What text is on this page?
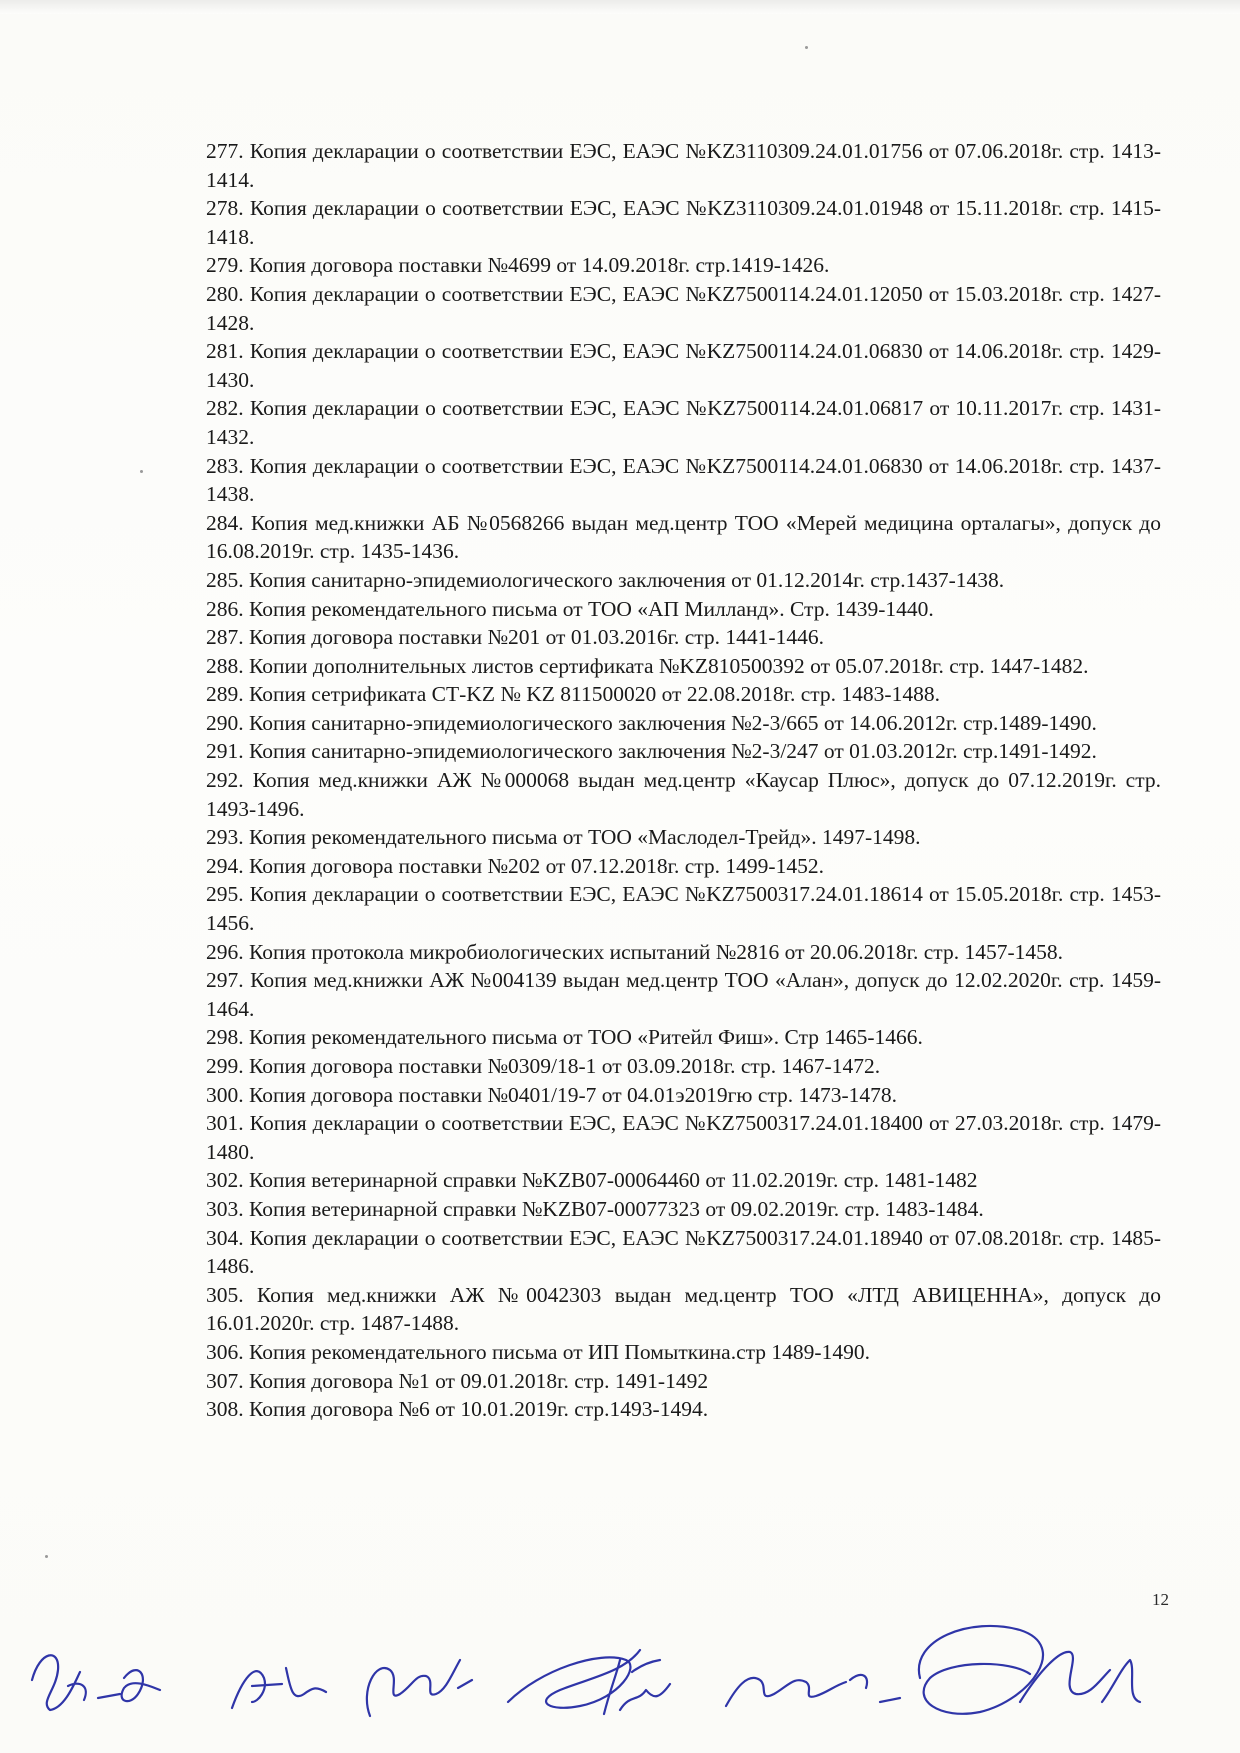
277. Копия декларации о соответствии ЕЭС, ЕАЭС №KZ3110309.24.01.01756 от 07.06.2018г. стр. 1413-1414.

278. Копия декларации о соответствии ЕЭС, ЕАЭС №KZ3110309.24.01.01948 от 15.11.2018г. стр. 1415-1418.

279. Копия договора поставки №4699 от 14.09.2018г. стр.1419-1426.

280. Копия декларации о соответствии ЕЭС, ЕАЭС №KZ7500114.24.01.12050 от 15.03.2018г. стр. 1427-1428.

281. Копия декларации о соответствии ЕЭС, ЕАЭС №KZ7500114.24.01.06830 от 14.06.2018г. стр. 1429-1430.

282. Копия декларации о соответствии ЕЭС, ЕАЭС №KZ7500114.24.01.06817 от 10.11.2017г. стр. 1431-1432.

283. Копия декларации о соответствии ЕЭС, ЕАЭС №KZ7500114.24.01.06830 от 14.06.2018г. стр. 1437-1438.

284. Копия мед.книжки АБ №0568266 выдан мед.центр ТОО «Мерей медицина орталагы», допуск до 16.08.2019г. стр. 1435-1436.

285. Копия санитарно-эпидемиологического заключения от 01.12.2014г. стр.1437-1438.

286. Копия рекомендательного письма от ТОО «АП Милланд». Стр. 1439-1440.

287. Копия договора поставки №201 от 01.03.2016г. стр. 1441-1446.

288. Копии дополнительных листов сертификата №KZ810500392 от 05.07.2018г. стр. 1447-1482.

289. Копия сетрификата СТ-KZ № KZ 811500020 от 22.08.2018г. стр. 1483-1488.

290. Копия санитарно-эпидемиологического заключения №2-3/665 от 14.06.2012г. стр.1489-1490.

291. Копия санитарно-эпидемиологического заключения №2-3/247 от 01.03.2012г. стр.1491-1492.

292. Копия мед.книжки АЖ №000068 выдан мед.центр «Каусар Плюс», допуск до 07.12.2019г. стр. 1493-1496.

293. Копия рекомендательного письма от ТОО «Маслодел-Трейд». 1497-1498.

294. Копия договора поставки №202 от 07.12.2018г. стр. 1499-1452.

295. Копия декларации о соответствии ЕЭС, ЕАЭС №KZ7500317.24.01.18614 от 15.05.2018г. стр. 1453-1456.

296. Копия протокола микробиологических испытаний №2816 от 20.06.2018г. стр. 1457-1458.

297. Копия мед.книжки АЖ №004139 выдан мед.центр ТОО «Алан», допуск до 12.02.2020г. стр. 1459-1464.

298. Копия рекомендательного письма от ТОО «Ритейл Фиш». Стр 1465-1466.

299. Копия договора поставки №0309/18-1 от 03.09.2018г. стр. 1467-1472.

300. Копия договора поставки №0401/19-7 от 04.01э2019гю стр. 1473-1478.

301. Копия декларации о соответствии ЕЭС, ЕАЭС №KZ7500317.24.01.18400 от 27.03.2018г. стр. 1479-1480.

302. Копия ветеринарной справки №KZB07-00064460 от 11.02.2019г. стр. 1481-1482

303. Копия ветеринарной справки №KZB07-00077323 от 09.02.2019г. стр. 1483-1484.

304. Копия декларации о соответствии ЕЭС, ЕАЭС №KZ7500317.24.01.18940 от 07.08.2018г. стр. 1485-1486.

305. Копия мед.книжки АЖ №0042303 выдан мед.центр ТОО «ЛТД АВИЦЕННА», допуск до 16.01.2020г. стр. 1487-1488.

306. Копия рекомендательного письма от ИП Помыткина.стр 1489-1490.

307. Копия договора №1 от 09.01.2018г. стр. 1491-1492

308. Копия договора №6 от 10.01.2019г. стр.1493-1494.

12
